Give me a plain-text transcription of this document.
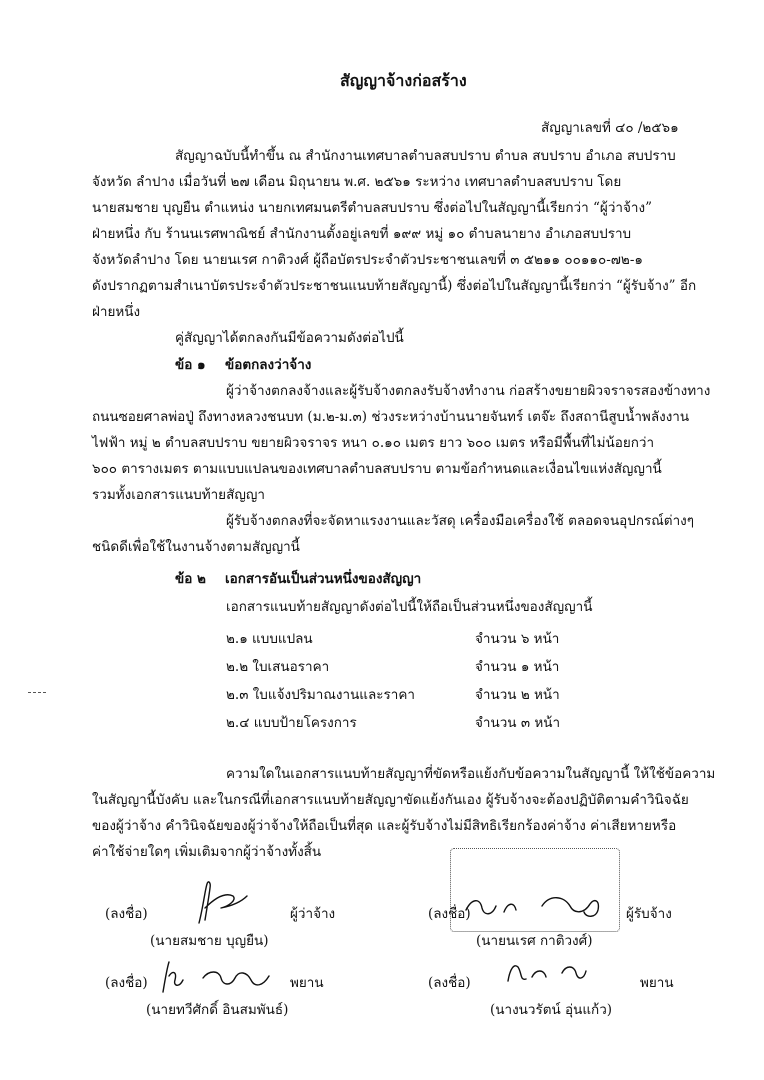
สัญญาจ้างก่อสร้าง
สัญญาเลขที่ ๔๐ /๒๕๖๑
สัญญาฉบับนี้ทำขึ้น ณ สำนักงานเทศบาลตำบลสบปราบ ตำบล สบปราบ อำเภอ สบปราบ
จังหวัด ลำปาง เมื่อวันที่ ๒๗ เดือน มิถุนายน พ.ศ. ๒๕๖๑ ระหว่าง เทศบาลตำบลสบปราบ โดย
นายสมชาย บุญยืน ตำแหน่ง นายกเทศมนตรีตำบลสบปราบ ซึ่งต่อไปในสัญญานี้เรียกว่า “ผู้ว่าจ้าง”
ฝ่ายหนึ่ง กับ ร้านนเรศพาณิชย์ สำนักงานตั้งอยู่เลขที่ ๑๙๙ หมู่ ๑๐ ตำบลนายาง อำเภอสบปราบ
จังหวัดลำปาง โดย นายนเรศ กาติวงศ์ ผู้ถือบัตรประจำตัวประชาชนเลขที่ ๓ ๕๒๑๑ ๐๐๑๑๐-๗๒-๑
ดังปรากฏตามสำเนาบัตรประจำตัวประชาชนแนบท้ายสัญญานี้) ซึ่งต่อไปในสัญญานี้เรียกว่า “ผู้รับจ้าง” อีก
ฝ่ายหนึ่ง
คู่สัญญาได้ตกลงกันมีข้อความดังต่อไปนี้
ข้อ ๑ ข้อตกลงว่าจ้าง
ผู้ว่าจ้างตกลงจ้างและผู้รับจ้างตกลงรับจ้างทำงาน ก่อสร้างขยายผิวจราจรสองข้างทาง
ถนนซอยศาลพ่อปู่ ถึงทางหลวงชนบท (ม.๒-ม.๓) ช่วงระหว่างบ้านนายจันทร์ เตจ๊ะ ถึงสถานีสูบน้ำพลังงาน
ไฟฟ้า หมู่ ๒ ตำบลสบปราบ ขยายผิวจราจร หนา ๐.๑๐ เมตร ยาว ๖๐๐ เมตร หรือมีพื้นที่ไม่น้อยกว่า
๖๐๐ ตารางเมตร ตามแบบแปลนของเทศบาลตำบลสบปราบ ตามข้อกำหนดและเงื่อนไขแห่งสัญญานี้
รวมทั้งเอกสารแนบท้ายสัญญา
ผู้รับจ้างตกลงที่จะจัดหาแรงงานและวัสดุ เครื่องมือเครื่องใช้ ตลอดจนอุปกรณ์ต่างๆ
ชนิดดีเพื่อใช้ในงานจ้างตามสัญญานี้
ข้อ ๒ เอกสารอันเป็นส่วนหนึ่งของสัญญา
เอกสารแนบท้ายสัญญาดังต่อไปนี้ให้ถือเป็นส่วนหนึ่งของสัญญานี้
๒.๑ แบบแปลน	จำนวน ๖ หน้า
๒.๒ ใบเสนอราคา	จำนวน ๑ หน้า
๒.๓ ใบแจ้งปริมาณงานและราคา	จำนวน ๒ หน้า
๒.๔ แบบป้ายโครงการ	จำนวน ๓ หน้า
ความใดในเอกสารแนบท้ายสัญญาที่ขัดหรือแย้งกับข้อความในสัญญานี้ ให้ใช้ข้อความ
ในสัญญานี้บังคับ และในกรณีที่เอกสารแนบท้ายสัญญาขัดแย้งกันเอง ผู้รับจ้างจะต้องปฏิบัติตามคำวินิจฉัย
ของผู้ว่าจ้าง คำวินิจฉัยของผู้ว่าจ้างให้ถือเป็นที่สุด และผู้รับจ้างไม่มีสิทธิเรียกร้องค่าจ้าง ค่าเสียหายหรือ
ค่าใช้จ่ายใดๆ เพิ่มเติมจากผู้ว่าจ้างทั้งสิ้น
(ลงชื่อ)	ผู้ว่าจ้าง
(นายสมชาย บุญยืน)
(ลงชื่อ)	ผู้รับจ้าง
(นายนเรศ กาติวงศ์)
(ลงชื่อ)	พยาน
(นายทวีศักดิ์ อินสมพันธ์)
(ลงชื่อ)	พยาน
(นางนวรัตน์ อุ่นแก้ว)
